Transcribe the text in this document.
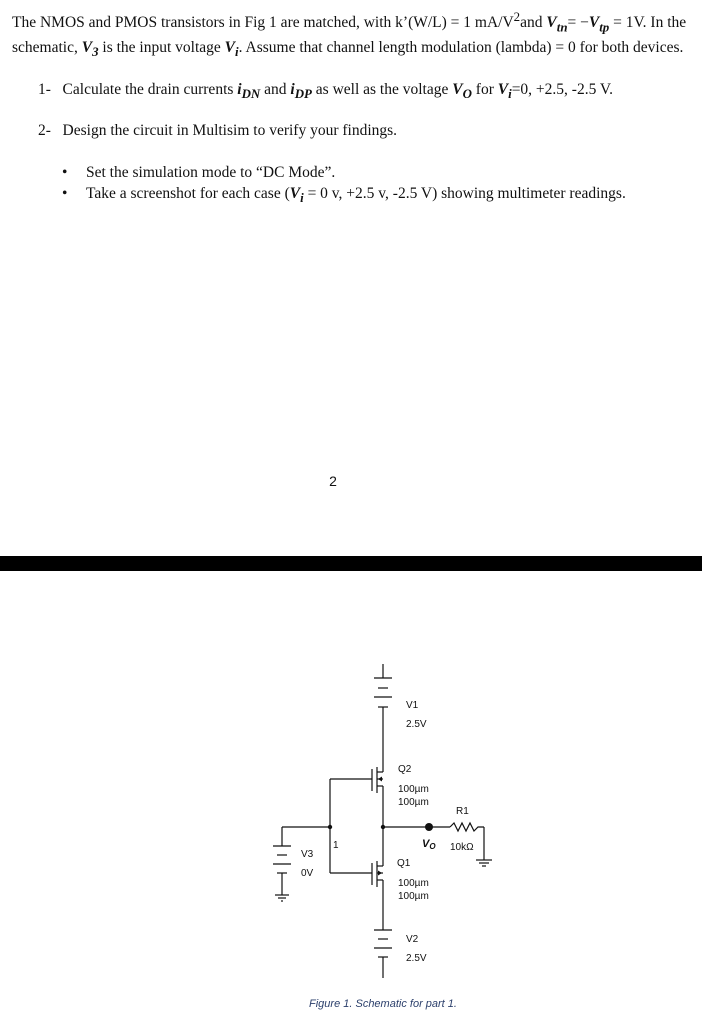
The NMOS and PMOS transistors in Fig 1 are matched, with k’(W/L) = 1 $mA/V^2and$ $V_{tn}= -V_{tp} = 1V$. In the schematic, $V_3$ is the input voltage $V_i$. Assume that channel length modulation (lambda) = 0 for both devices.
1- Calculate the drain currents $i_{DN}$ and $i_{DP}$ as well as the voltage $V_O$ for $V_i=0$, +2.5, -2.5 V.
2- Design the circuit in Multisim to verify your findings.
• Set the simulation mode to “DC Mode”.
• Take a screenshot for each case ($V_i = 0$ v, +2.5 v, -2.5 V) showing multimeter readings.
2
V1
2.5V
Q2
100µm
100µm
R1
VO 10kΩ
1
V3
0V
Q1
100µm
100µm
V2
2.5V
Figure 1. Schematic for part 1.
